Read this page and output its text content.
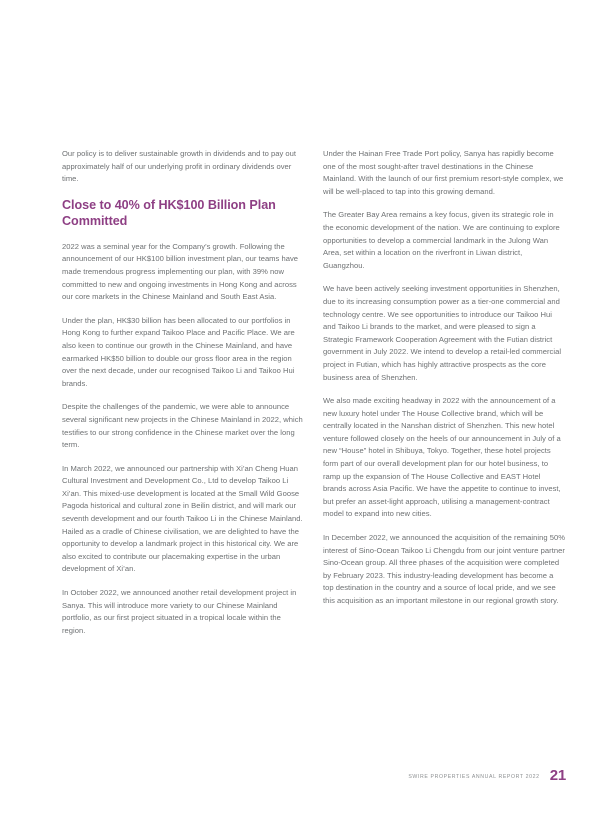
Our policy is to deliver sustainable growth in dividends and to pay out approximately half of our underlying profit in ordinary dividends over time.

Close to 40% of HK$100 Billion Plan Committed

2022 was a seminal year for the Company’s growth. Following the announcement of our HK$100 billion investment plan, our teams have made tremendous progress implementing our plan, with 39% now committed to new and ongoing investments in Hong Kong and across our core markets in the Chinese Mainland and South East Asia.

Under the plan, HK$30 billion has been allocated to our portfolios in Hong Kong to further expand Taikoo Place and Pacific Place. We are also keen to continue our growth in the Chinese Mainland, and have earmarked HK$50 billion to double our gross floor area in the region over the next decade, under our recognised Taikoo Li and Taikoo Hui brands.

Despite the challenges of the pandemic, we were able to announce several significant new projects in the Chinese Mainland in 2022, which testifies to our strong confidence in the Chinese market over the long term.

In March 2022, we announced our partnership with Xi’an Cheng Huan Cultural Investment and Development Co., Ltd to develop Taikoo Li Xi’an. This mixed-use development is located at the Small Wild Goose Pagoda historical and cultural zone in Beilin district, and will mark our seventh development and our fourth Taikoo Li in the Chinese Mainland. Hailed as a cradle of Chinese civilisation, we are delighted to have the opportunity to develop a landmark project in this historical city. We are also excited to contribute our placemaking expertise in the urban development of Xi’an.

In October 2022, we announced another retail development project in Sanya. This will introduce more variety to our Chinese Mainland portfolio, as our first project situated in a tropical locale within the region.

Under the Hainan Free Trade Port policy, Sanya has rapidly become one of the most sought-after travel destinations in the Chinese Mainland. With the launch of our first premium resort-style complex, we will be well-placed to tap into this growing demand.

The Greater Bay Area remains a key focus, given its strategic role in the economic development of the nation. We are continuing to explore opportunities to develop a commercial landmark in the Julong Wan Area, set within a location on the riverfront in Liwan district, Guangzhou.

We have been actively seeking investment opportunities in Shenzhen, due to its increasing consumption power as a tier-one commercial and technology centre. We see opportunities to introduce our Taikoo Hui and Taikoo Li brands to the market, and were pleased to sign a Strategic Framework Cooperation Agreement with the Futian district government in July 2022. We intend to develop a retail-led commercial project in Futian, which has highly attractive prospects as the core business area of Shenzhen.

We also made exciting headway in 2022 with the announcement of a new luxury hotel under The House Collective brand, which will be centrally located in the Nanshan district of Shenzhen. This new hotel venture followed closely on the heels of our announcement in July of a new “House” hotel in Shibuya, Tokyo. Together, these hotel projects form part of our overall development plan for our hotel business, to ramp up the expansion of The House Collective and EAST Hotel brands across Asia Pacific. We have the appetite to continue to invest, but prefer an asset-light approach, utilising a management-contract model to expand into new cities.

In December 2022, we announced the acquisition of the remaining 50% interest of Sino-Ocean Taikoo Li Chengdu from our joint venture partner Sino-Ocean group. All three phases of the acquisition were completed by February 2023. This industry-leading development has become a top destination in the country and a source of local pride, and we see this acquisition as an important milestone in our regional growth story.

SWIRE PROPERTIES ANNUAL REPORT 2022 21
